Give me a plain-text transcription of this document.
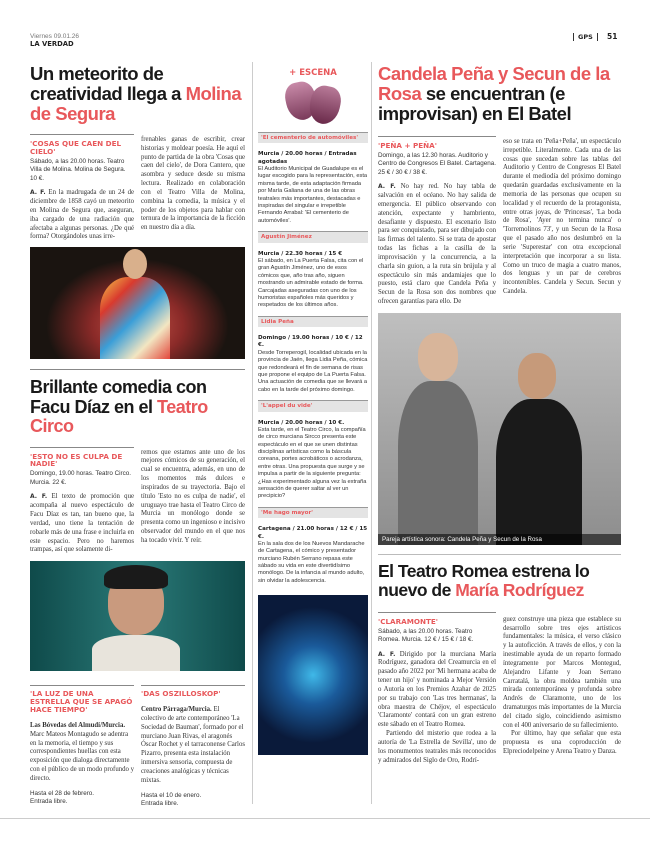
Viernes 09.01.26
LA VERDAD
GPS	51
Un meteorito de creatividad llega a Molina de Segura
'COSAS QUE CAEN DEL CIELO'
Sábado, a las 20.00 horas. Teatro Villa de Molina. Molina de Segura. 10 €.
A. F. En la madrugada de un 24 de diciembre de 1858 cayó un meteorito en Molina de Segura que, aseguran, iba cargado de una radiación que afectaba a algunas personas. ¿De qué forma? Otorgándoles unas irre-
frenables ganas de escribir, crear historias y moldear poesía. He aquí el punto de partida de la obra 'Cosas que caen del cielo', de Dora Cantero, que asombra y seduce desde su misma lectura. Realizado en colaboración con el Teatro Villa de Molina, combina la comedia, la música y el poder de los objetos para hablar con ternura de la importancia de la ficción en nuestro día a día.
Brillante comedia con Facu Díaz en el Teatro Circo
'ESTO NO ES CULPA DE NADIE'
Domingo, 19.00 horas. Teatro Circo. Murcia. 22 €.
A. F. El texto de promoción que acompaña al nuevo espectáculo de Facu Díaz es tan, tan bueno que, la verdad, uno tiene la tentación de robarle más de una frase e incluirla en este espacio. Pero no haremos trampas, así que solamente di-
remos que estamos ante uno de los mejores cómicos de su generación, el cual se encuentra, además, en uno de los momentos más dulces e inspirados de su trayectoria. Bajo el título 'Esto no es culpa de nadie', el uruguayo trae hasta el Teatro Circo de Murcia un monólogo donde se presenta como un ingenioso e incisivo observador del mundo en el que nos ha tocado vivir. Y reír.
'LA LUZ DE UNA ESTRELLA QUE SE APAGÓ HACE TIEMPO'
Las Bóvedas del Almudí/Murcia. Marc Mateos Montagudo se adentra en la memoria, el tiempo y sus correspondientes huellas con esta exposición que dialoga directamente con el público de un modo profundo y directo.
Hasta el 28 de febrero.
Entrada libre.
'DAS OSZILLOSKOP'
Centro Párraga/Murcia. El colectivo de arte contemporáneo 'La Sociedad de Bauman', formado por el murciano Juan Rivas, el aragonés Óscar Rochet y el tarraconense Carlos Pizarro, presenta esta instalación inmersiva sensoria, compuesta de creaciones analógicas y técnicas mixtas.
Hasta el 10 de enero.
Entrada libre.
+ ESCENA
'El cementerio de automóviles'
Murcia / 20.00 horas / Entradas agotadas
El Auditorio Municipal de Guadalupe es el lugar escogido para la representación, esta misma tarde, de esta adaptación firmada por María Galiana de una de las obras teatrales más importantes, destacadas e inspiradas del singular e irrepetible Fernando Arrabal: 'El cementerio de automóviles'.
Agustín Jiménez
Murcia / 22.30 horas / 15 €
El sábado, en La Puerta Falsa, cita con el gran Agustín Jiménez, uno de esos cómicos que, año tras año, siguen mostrando un admirable estado de forma. Carcajadas aseguradas con uno de los humoristas españoles más queridos y respetados de los últimos años.
Lidia Peña
Domingo / 19.00 horas / 10 € / 12 €.
Desde Torreperogil, localidad ubicada en la provincia de Jaén, llega Lidia Peña, cómica que redondeará el fin de semana de risas que propone el equipo de La Puerta Falsa. Una actuación de comedia que se llevará a cabo en la tarde del próximo domingo.
'L'appel du vide'
Murcia / 20.00 horas / 10 €.
Esta tarde, en el Teatro Circo, la compañía de circo murciana Sircco presenta este espectáculo en el que se unen distintas disciplinas artísticas como la báscula coreana, portes acrobáticos o acrodanza, entre otras. Una propuesta que surge y se impulsa a partir de la siguiente pregunta: ¿Has experimentado alguna vez la extraña sensación de querer saltar al ver un precipicio?
'Me hago mayor'
Cartagena / 21.00 horas / 12 € / 15 €.
En la sala dos de los Nuevos Mandarache de Cartagena, el cómico y presentador murciano Rubén Serrano repasa este sábado su vida en este divertidísimo monólogo. De la infancia al mundo adulto, sin olvidar la adolescencia.
Candela Peña y Secun de la Rosa se encuentran (e improvisan) en El Batel
'PEÑA + PEÑA'
Domingo, a las 12.30 horas. Auditorio y Centro de Congresos El Batel. Cartagena. 25 € / 30 € / 38 €.
A. F. No hay red. No hay tabla de salvación en el océano. No hay salida de emergencia. El público observando con atención, expectante y hambriento, desafiante y dispuesto. El escenario listo para ser conquistado, para ser dibujado con las firmas del talento. Si se trata de apostar todas las fichas a la casilla de la improvisación y la concurrencia, a la charla sin guion, a la ruta sin brújula y al espectáculo sin más andamiajes que lo puesto, está claro que Candela Peña y Secun de la Rosa son dos nombres que ofrecen garantías para ello. De
eso se trata en 'Peña+Peña', un espectáculo irrepetible. Literalmente. Cada una de las cosas que sucedan sobre las tablas del Auditorio y Centro de Congresos El Batel durante el mediodía del próximo domingo quedarán guardadas exclusivamente en la memoria de las personas que ocupen su localidad y el recuerdo de la protagonista, entre otras joyas, de 'Princesas', 'La boda de Rosa', 'Ayer no termina nunca' o 'Torremolinos 73', y un Secun de la Rosa que el pasado año nos deslumbró en la serie 'Superestar' con otra excepcional interpretación que incorporar a su lista. Como un truco de magia a cuatro manos, dos lenguas y un par de cerebros incontenibles. Candela y Secun. Secun y Candela.
Pareja artística sonora: Candela Peña y Secun de la Rosa
El Teatro Romea estrena lo nuevo de María Rodríguez
'CLARAMONTE'
Sábado, a las 20.00 horas. Teatro Romea. Murcia. 12 € / 15 € / 18 €.
A. F. Dirigido por la murciana María Rodríguez, ganadora del Creamurcia en el pasado año 2022 por 'Mi hermana acaba de tener un hijo' y nominada a Mejor Versión o Autoría en los Premios Azahar de 2025 por su trabajo con 'Las tres hermanas', la obra maestra de Chéjov, el espectáculo 'Claramonte' contará con un gran estreno este sábado en el Teatro Romea.
Partiendo del misterio que rodea a la autoría de 'La Estrella de Sevilla', uno de los monumentos teatrales más reconocidos y admirados del Siglo de Oro, Rodrí-
guez construye una pieza que establece su desarrollo sobre tres ejes artísticos fundamentales: la música, el verso clásico y la autoficción. A través de ellos, y con la inestimable ayuda de un reparto formado íntegramente por Marcos Montegud, Alejandro Lifante y Joan Serrano Carratalá, la obra moldea también una mirada contemporánea y profunda sobre Andrés de Claramonte, uno de los dramaturgos más importantes de la Murcia del citado siglo, coincidiendo asimismo con el 400 aniversario de su fallecimiento.
Por último, hay que señalar que esta propuesta es una coproducción de Elpreciodelpeine y Arena Teatro y Danza.
